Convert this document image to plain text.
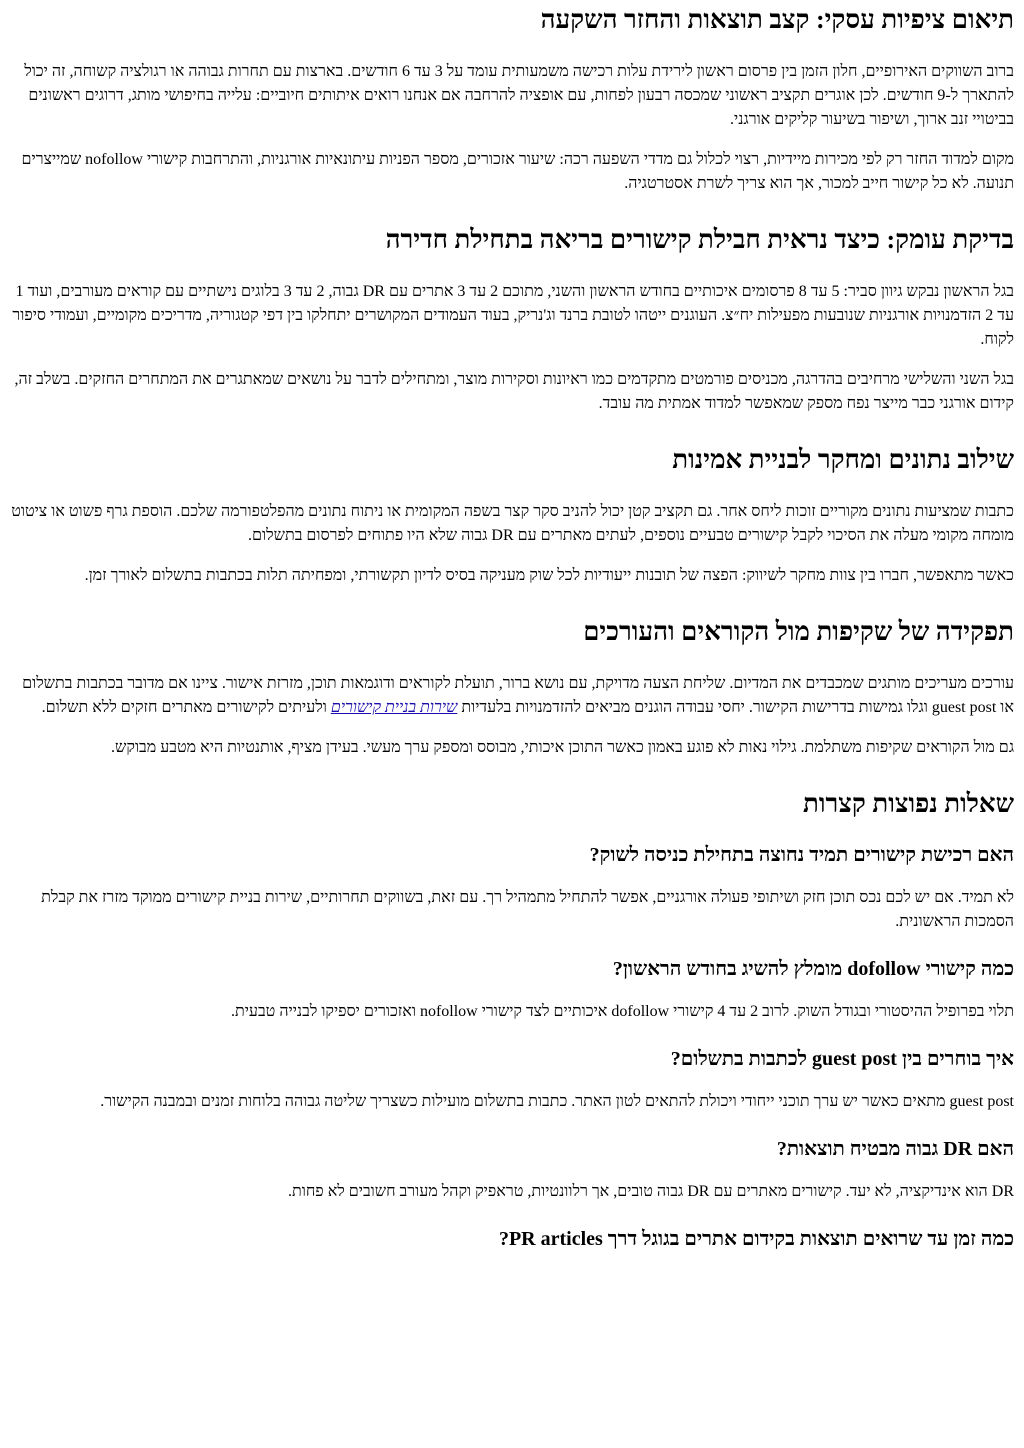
תיאום ציפיות עסקי: קצב תוצאות והחזר השקעה

ברוב השווקים האירופיים, חלון הזמן בין פרסום ראשון לירידת עלות רכישה משמעותית עומד על 3 עד 6 חודשים. בארצות עם תחרות גבוהה או רגולציה קשוחה, זה יכול להתארך ל-9 חודשים. לכן אוגרים תקציב ראשוני שמכסה רבעון לפחות, עם אופציה להרחבה אם אנחנו רואים איתותים חיוביים: עלייה בחיפושי מותג, דרוגים ראשונים בביטויי זנב ארוך, ושיפור בשיעור קליקים אורגני.

מקום למדוד החזר רק לפי מכירות מיידיות, רצוי לכלול גם מדדי השפעה רכה: שיעור אזכורים, מספר הפניות עיתונאיות אורגניות, והתרחבות קישורי nofollow שמייצרים תנועה. לא כל קישור חייב למכור, אך הוא צריך לשרת אסטרטגיה.

בדיקת עומק: כיצד נראית חבילת קישורים בריאה בתחילת חדירה

בגל הראשון נבקש גיוון סביר: 5 עד 8 פרסומים איכותיים בחודש הראשון והשני, מתוכם 2 עד 3 אתרים עם DR גבוה, 2 עד 3 בלוגים נישתיים עם קוראים מעורבים, ועוד 1 עד 2 הזדמנויות אורגניות שנובעות מפעילות יח״צ. העוגנים ייטהו לטובת ברנד וג'נריק, בעוד העמודים המקושרים יתחלקו בין דפי קטגוריה, מדריכים מקומיים, ועמודי סיפור לקוח.

בגל השני והשלישי מרחיבים בהדרגה, מכניסים פורמטים מתקדמים כמו ראיונות וסקירות מוצר, ומתחילים לדבר על נושאים שמאתגרים את המתחרים החזקים. בשלב זה, קידום אורגני כבר מייצר נפח מספק שמאפשר למדוד אמתית מה עובד.

שילוב נתונים ומחקר לבניית אמינות

כתבות שמציעות נתונים מקוריים זוכות ליחס אחר. גם תקציב קטן יכול להניב סקר קצר בשפה המקומית או ניתוח נתונים מהפלטפורמה שלכם. הוספת גרף פשוט או ציטוט מומחה מקומי מעלה את הסיכוי לקבל קישורים טבעיים נוספים, לעתים מאתרים עם DR גבוה שלא היו פתוחים לפרסום בתשלום.

כאשר מתאפשר, חברו בין צוות מחקר לשיווק: הפצה של תובנות ייעודיות לכל שוק מעניקה בסיס לדיון תקשורתי, ומפחיתה תלות בכתבות בתשלום לאורך זמן.

תפקידה של שקיפות מול הקוראים והעורכים

עורכים מעריכים מותגים שמכבדים את המדיום. שליחת הצעה מדויקת, עם נושא ברור, תועלת לקוראים ודוגמאות תוכן, מזרזת אישור. ציינו אם מדובר בכתבות בתשלום או guest post וגלו גמישות בדרישות הקישור. יחסי עבודה הוגנים מביאים להזדמנויות בלעדיות שירות בניית קישורים ולעיתים לקישורים מאתרים חזקים ללא תשלום.

גם מול הקוראים שקיפות משתלמת. גילוי נאות לא פוגע באמון כאשר התוכן איכותי, מבוסס ומספק ערך מעשי. בעידן מציף, אותנטיות היא מטבע מבוקש.

שאלות נפוצות קצרות
האם רכישת קישורים תמיד נחוצה בתחילת כניסה לשוק?

לא תמיד. אם יש לכם נכס תוכן חזק ושיתופי פעולה אורגניים, אפשר להתחיל מתמהיל רך. עם זאת, בשווקים תחרותיים, שירות בניית קישורים ממוקד מזרז את קבלת הסמכות הראשונית.

כמה קישורי dofollow מומלץ להשיג בחודש הראשון?

תלוי בפרופיל ההיסטורי ובגודל השוק. לרוב 2 עד 4 קישורי dofollow איכותיים לצד קישורי nofollow ואזכורים יספיקו לבנייה טבעית.

איך בוחרים בין guest post לכתבות בתשלום?

guest post מתאים כאשר יש ערך תוכני ייחודי ויכולת להתאים לטון האתר. כתבות בתשלום מועילות כשצריך שליטה גבוהה בלוחות זמנים ובמבנה הקישור.

האם DR גבוה מבטיח תוצאות?

DR הוא אינדיקציה, לא יעד. קישורים מאתרים עם DR גבוה טובים, אך רלוונטיות, טראפיק וקהל מעורב חשובים לא פחות.

כמה זמן עד שרואים תוצאות בקידום אתרים בגוגל דרך PR articles?
